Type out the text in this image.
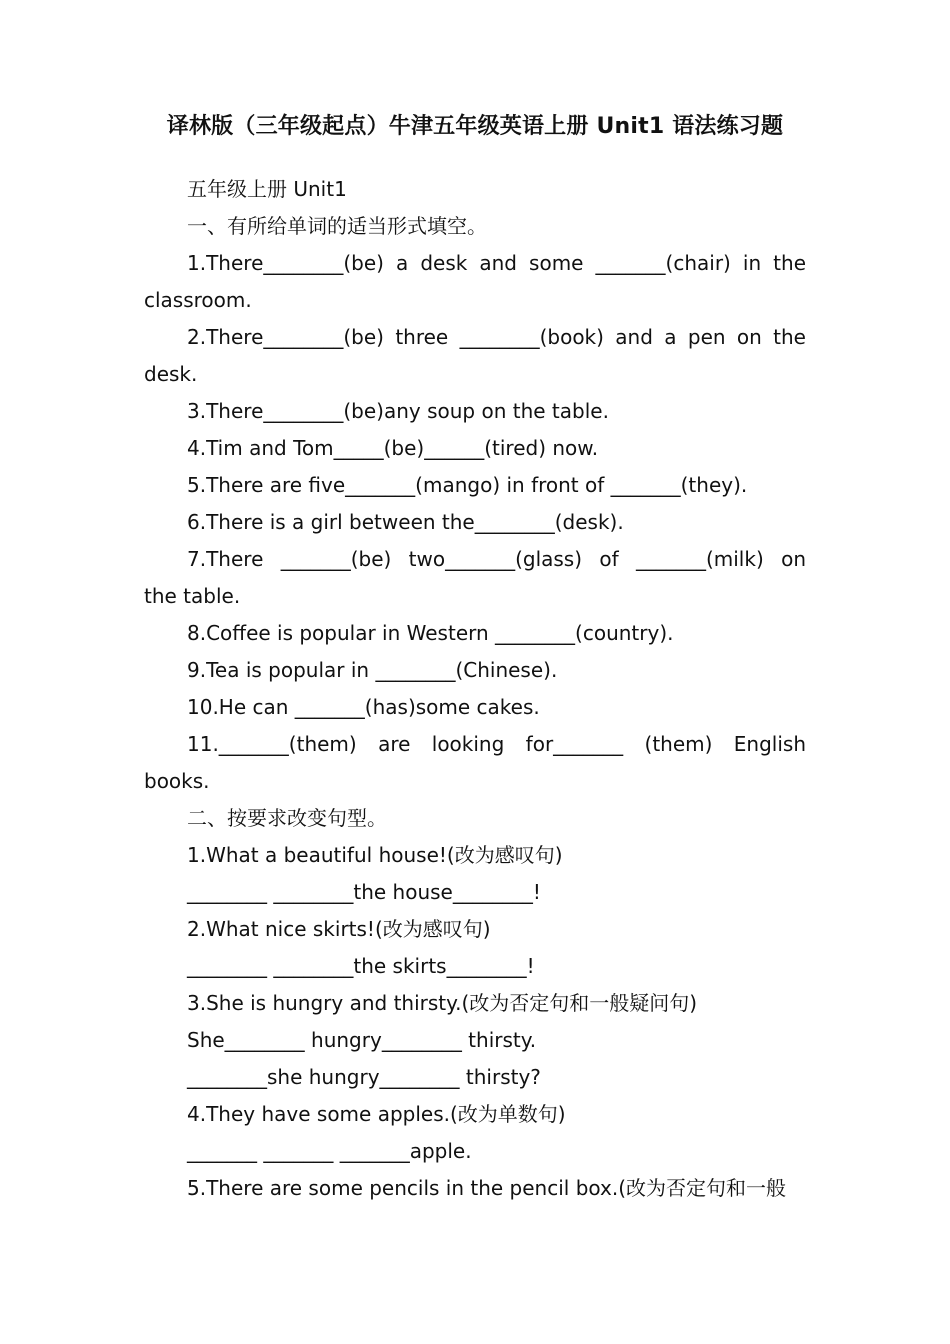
译林版（三年级起点）牛津五年级英语上册 Unit1 语法练习题
五年级上册 Unit1
一、有所给单词的适当形式填空。
1.There________(be) a desk and some _______(chair) in the
classroom.
2.There________(be) three ________(book) and a pen on the
desk.
3.There________(be)any soup on the table.
4.Tim and Tom_____(be)______(tired) now.
5.There are five_______(mango) in front of _______(they).
6.There is a girl between the________(desk).
7.There _______(be) two_______(glass) of _______(milk) on
the table.
8.Coffee is popular in Western ________(country).
9.Tea is popular in ________(Chinese).
10.He can _______(has)some cakes.
11._______(them) are looking for_______ (them) English
books.
二、按要求改变句型。
1.What a beautiful house!(改为感叹句)
________ ________the house________!
2.What nice skirts!(改为感叹句)
________ ________the skirts________!
3.She is hungry and thirsty.(改为否定句和一般疑问句)
She________ hungry________ thirsty.
________she hungry________ thirsty?
4.They have some apples.(改为单数句)
_______ _______ _______apple.
5.There are some pencils in the pencil box.(改为否定句和一般
